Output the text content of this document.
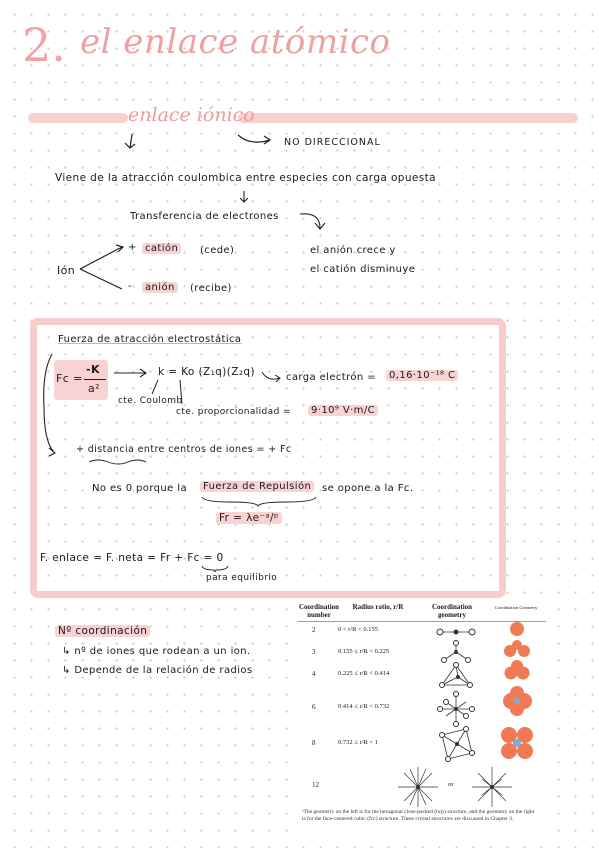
2. el enlace atómico
enlace iónico
NO DIRECCIONAL
Viene de la atracción coulombica entre especies con carga opuesta
Transferencia de electrones
Ión
+ catión	(cede)
-	anión	(recibe)
el anión crece y
el catión disminuye
Fuerza de atracción electrostática
Fc =
-K
a²
k = Ko (Z₁q)(Z₂q)	carga electrón =	0,16·10⁻¹⁸ C
cte. Coulomb
cte. proporcionalidad =	9·10⁹ V·m/C
+ distancia entre centros de iones = + Fc
No es 0 porque la	Fuerza de Repulsión	se opone a la Fc.
Fr = λe⁻ᵃ/ᵖ
F. enlace = F. neta = Fr + Fc = 0
para equilibrio
Nº coordinación
↳ nº de iones que rodean a un ion.
↳ Depende de la relación de radios
Coordination number
Radius ratio, r/R	Coordination geometry
Coordination Geometry
2	0 < r/R < 0.155
3	0.155 ≤ r/R < 0.225
4	0.225 ≤ r/R < 0.414
6	0.414 ≤ r/R < 0.732
8	0.732 ≤ r/R < 1
12	or
ᵃThe geometry on the left is for the hexagonal close-packed (hcp) structure, and the geometry on the right is for the face-centered cubic (fcc) structure. These crystal structures are discussed in Chapter 3.
